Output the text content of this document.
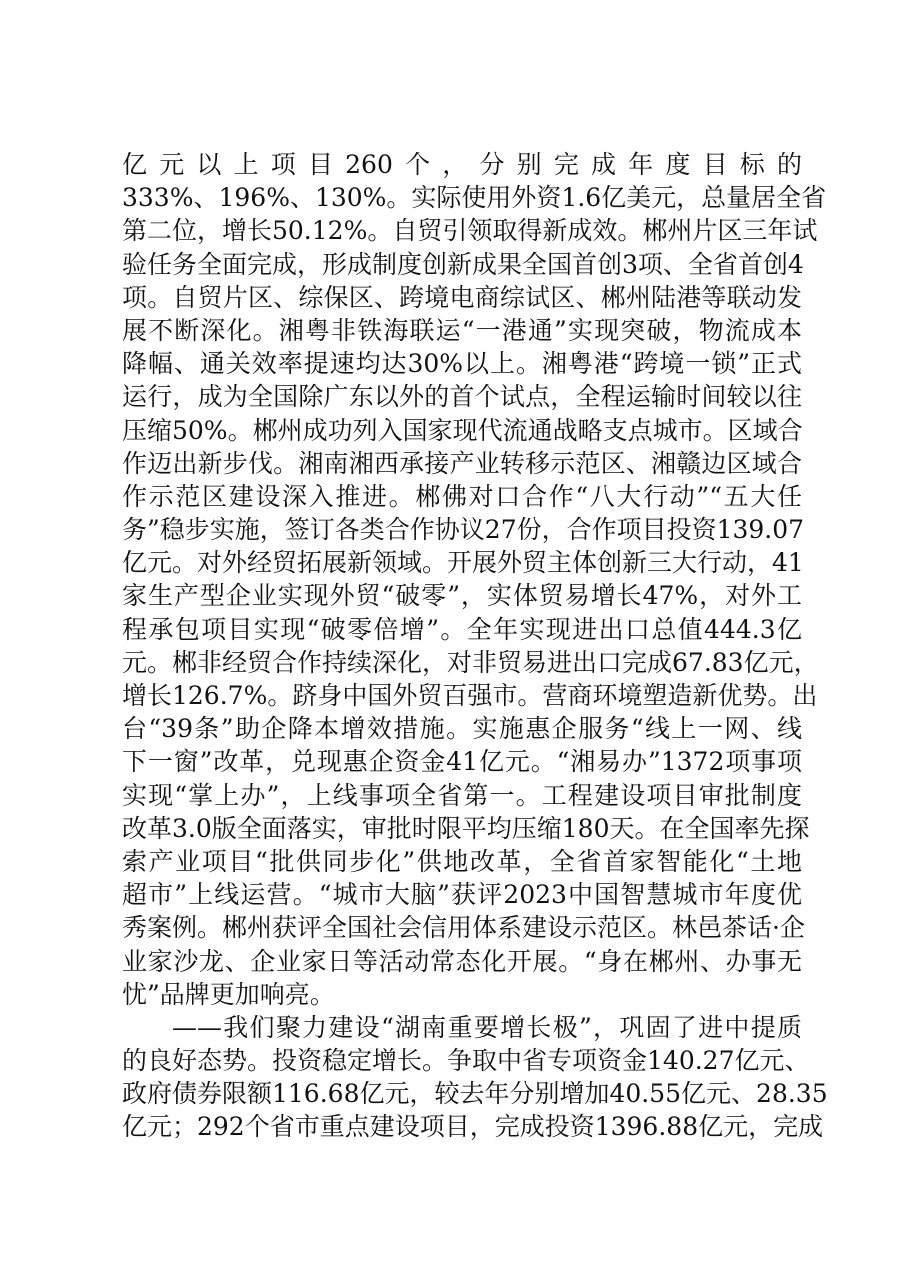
亿元以上项目260个，分别完成年度目标的
333%、196%、130%。实际使用外资1.6亿美元，总量居全省
第二位，增长50.12%。自贸引领取得新成效。郴州片区三年试
验任务全面完成，形成制度创新成果全国首创3项、全省首创4
项。自贸片区、综保区、跨境电商综试区、郴州陆港等联动发
展不断深化。湘粤非铁海联运“一港通”实现突破，物流成本
降幅、通关效率提速均达30%以上。湘粤港“跨境一锁”正式
运行，成为全国除广东以外的首个试点，全程运输时间较以往
压缩50%。郴州成功列入国家现代流通战略支点城市。区域合
作迈出新步伐。湘南湘西承接产业转移示范区、湘赣边区域合
作示范区建设深入推进。郴佛对口合作“八大行动”“五大任
务”稳步实施，签订各类合作协议27份，合作项目投资139.07
亿元。对外经贸拓展新领域。开展外贸主体创新三大行动，41
家生产型企业实现外贸“破零”，实体贸易增长47%，对外工
程承包项目实现“破零倍增”。全年实现进出口总值444.3亿
元。郴非经贸合作持续深化，对非贸易进出口完成67.83亿元，
增长126.7%。跻身中国外贸百强市。营商环境塑造新优势。出
台“39条”助企降本增效措施。实施惠企服务“线上一网、线
下一窗”改革，兑现惠企资金41亿元。“湘易办”1372项事项
实现“掌上办”，上线事项全省第一。工程建设项目审批制度
改革3.0版全面落实，审批时限平均压缩180天。在全国率先探
索产业项目“批供同步化”供地改革，全省首家智能化“土地
超市”上线运营。“城市大脑”获评2023中国智慧城市年度优
秀案例。郴州获评全国社会信用体系建设示范区。林邑茶话·企
业家沙龙、企业家日等活动常态化开展。“身在郴州、办事无
忧”品牌更加响亮。
——我们聚力建设“湖南重要增长极”，巩固了进中提质
的良好态势。投资稳定增长。争取中省专项资金140.27亿元、
政府债券限额116.68亿元，较去年分别增加40.55亿元、28.35
亿元；292个省市重点建设项目，完成投资1396.88亿元，完成
